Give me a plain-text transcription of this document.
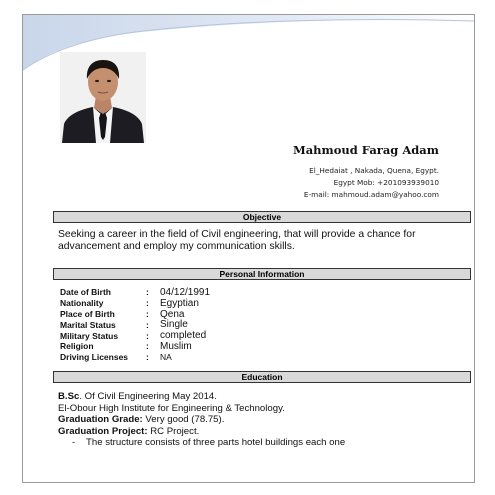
Mahmoud Farag Adam
El_Hedaiat , Nakada, Quena, Egypt.
Egypt Mob: +201093939010
E-mail: mahmoud.adam@yahoo.com
Objective
Seeking a career in the field of Civil engineering, that will provide a chance for advancement and employ my communication skills.
Personal Information
Date of Birth	:	04/12/1991
Nationality	:	Egyptian
Place of Birth	:	Qena
Marital Status	:	Single
Military Status	:	completed
Religion	:	Muslim
Driving Licenses	:	NA
Education
B.Sc. Of Civil Engineering May 2014.
El-Obour High Institute for Engineering & Technology.
Graduation Grade: Very good (78.75).
Graduation Project: RC Project.
- The structure consists of three parts hotel buildings each one
